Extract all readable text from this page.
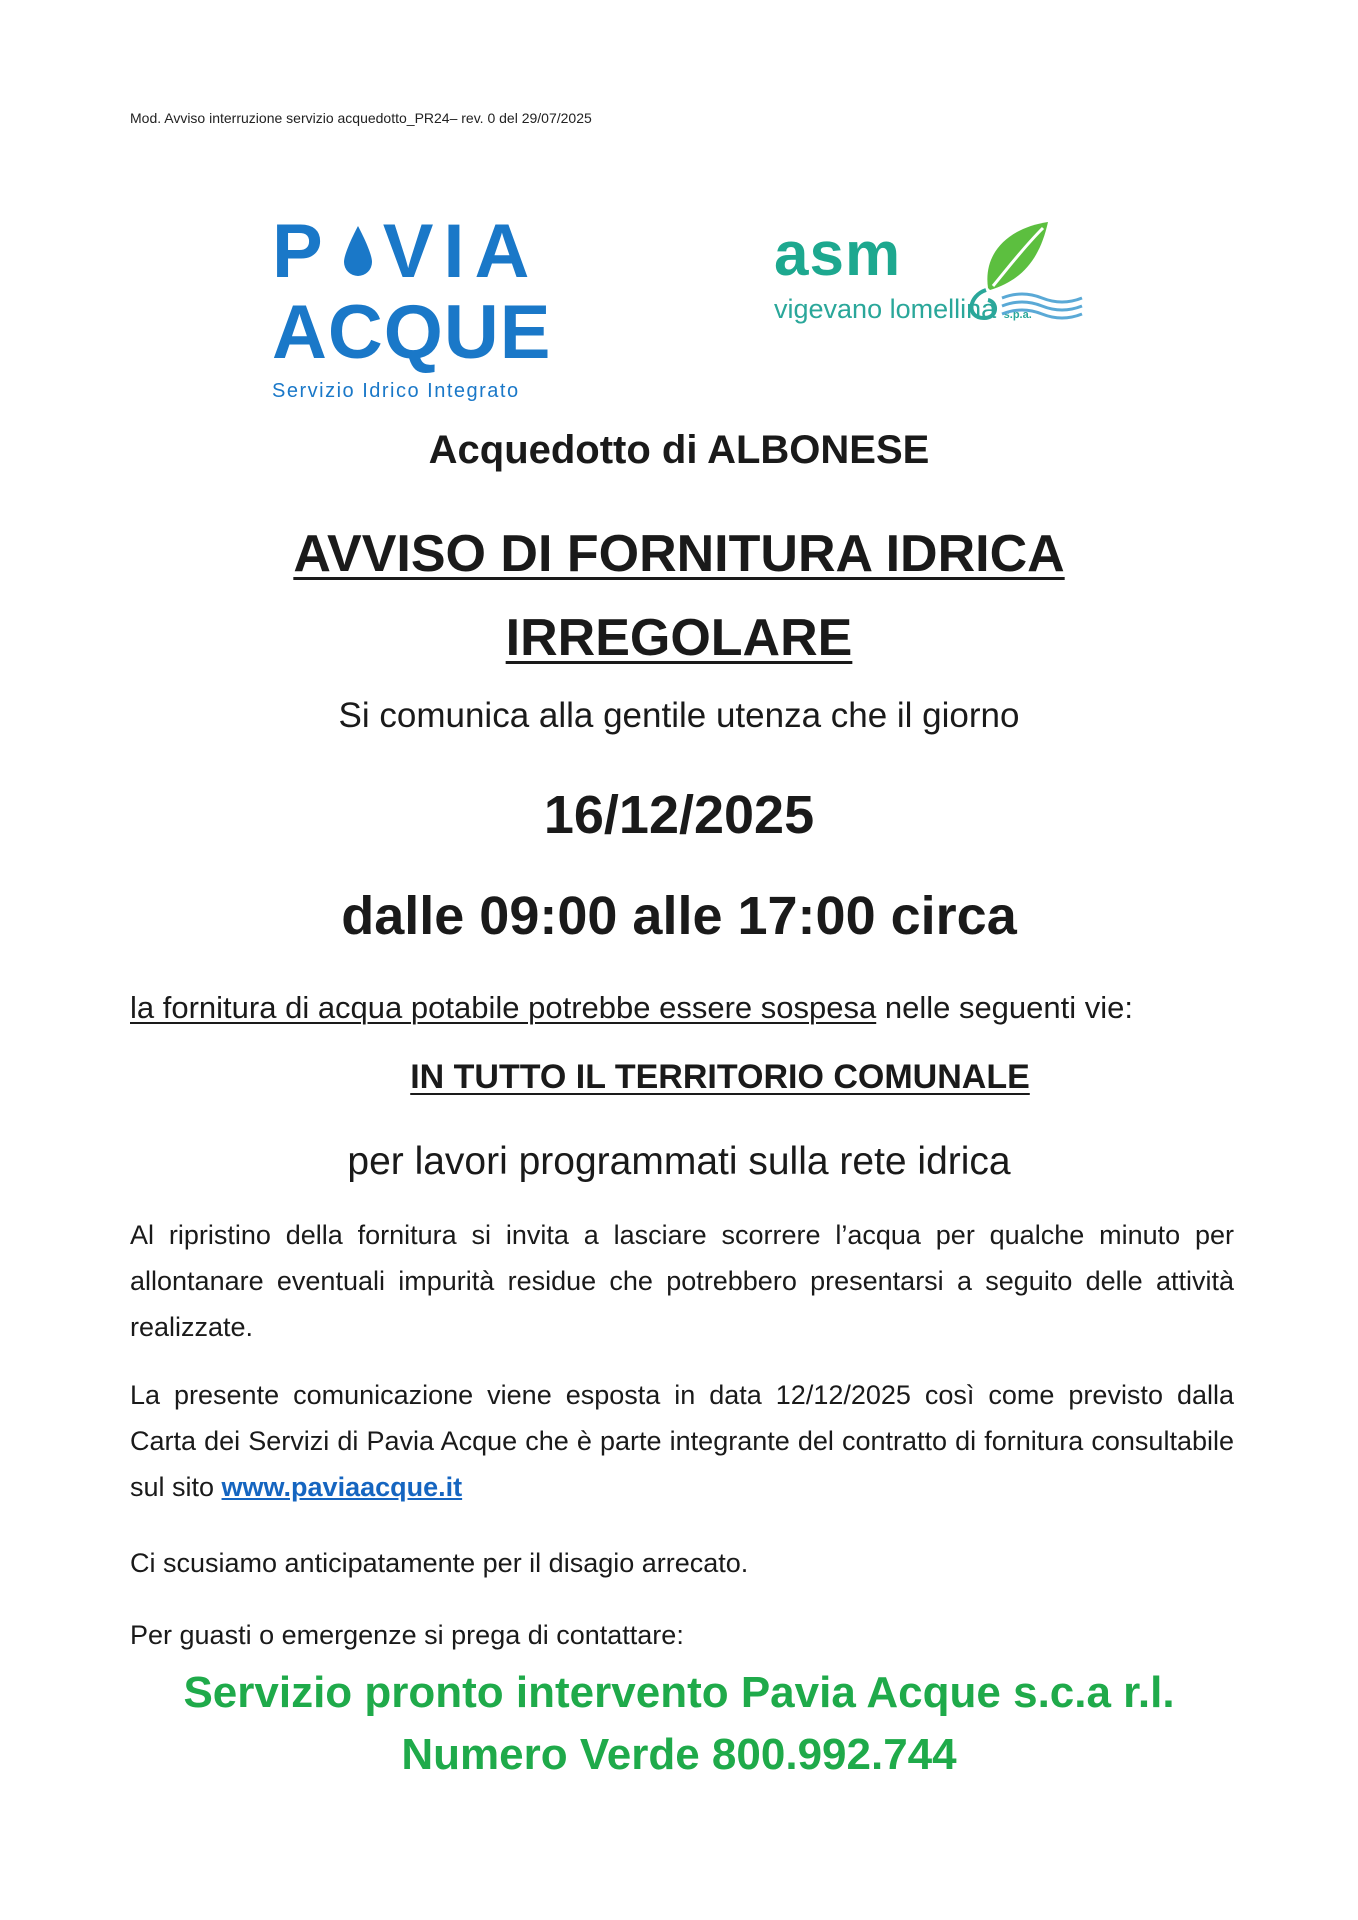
Mod. Avviso interruzione servizio acquedotto_PR24– rev. 0 del 29/07/2025
P VIA
ACQUE
Servizio Idrico Integrato
asm
vigevano lomellina s.p.a.
Acquedotto di ALBONESE
AVVISO DI FORNITURA IDRICA
IRREGOLARE
Si comunica alla gentile utenza che il giorno
16/12/2025
dalle 09:00 alle 17:00 circa
la fornitura di acqua potabile potrebbe essere sospesa nelle seguenti vie:
IN TUTTO IL TERRITORIO COMUNALE
per lavori programmati sulla rete idrica
Al ripristino della fornitura si invita a lasciare scorrere l’acqua per qualche minuto per allontanare eventuali impurità residue che potrebbero presentarsi a seguito delle attività realizzate.
La presente comunicazione viene esposta in data 12/12/2025 così come previsto dalla Carta dei Servizi di Pavia Acque che è parte integrante del contratto di fornitura consultabile sul sito www.paviaacque.it
Ci scusiamo anticipatamente per il disagio arrecato.
Per guasti o emergenze si prega di contattare:
Servizio pronto intervento Pavia Acque s.c.a r.l.
Numero Verde 800.992.744
